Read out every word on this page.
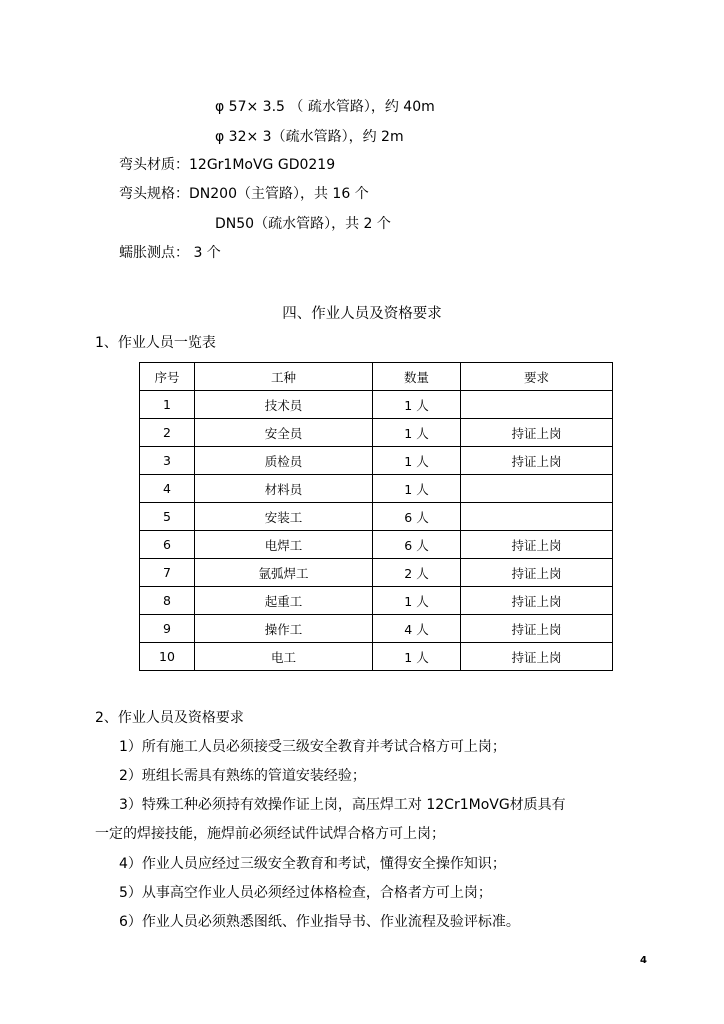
φ 57× 3.5 （ 疏水管路），约 40m
φ 32× 3（疏水管路），约 2m
弯头材质：12Gr1MoVG GD0219
弯头规格：DN200（主管路），共 16 个
DN50（疏水管路），共 2 个
蠕胀测点： 3 个
四、作业人员及资格要求
1、作业人员一览表
序号	工种	数量	要求
1	技术员	1 人	
2	安全员	1 人	持证上岗
3	质检员	1 人	持证上岗
4	材料员	1 人	
5	安装工	6 人	
6	电焊工	6 人	持证上岗
7	氩弧焊工	2 人	持证上岗
8	起重工	1 人	持证上岗
9	操作工	4 人	持证上岗
10	电工	1 人	持证上岗
2、作业人员及资格要求
1）所有施工人员必须接受三级安全教育并考试合格方可上岗；
2）班组长需具有熟练的管道安装经验；
3）特殊工种必须持有效操作证上岗，高压焊工对 12Cr1MoVG材质具有
一定的焊接技能，施焊前必须经试件试焊合格方可上岗；
4）作业人员应经过三级安全教育和考试，懂得安全操作知识；
5）从事高空作业人员必须经过体格检查，合格者方可上岗；
6）作业人员必须熟悉图纸、作业指导书、作业流程及验评标准。
4
